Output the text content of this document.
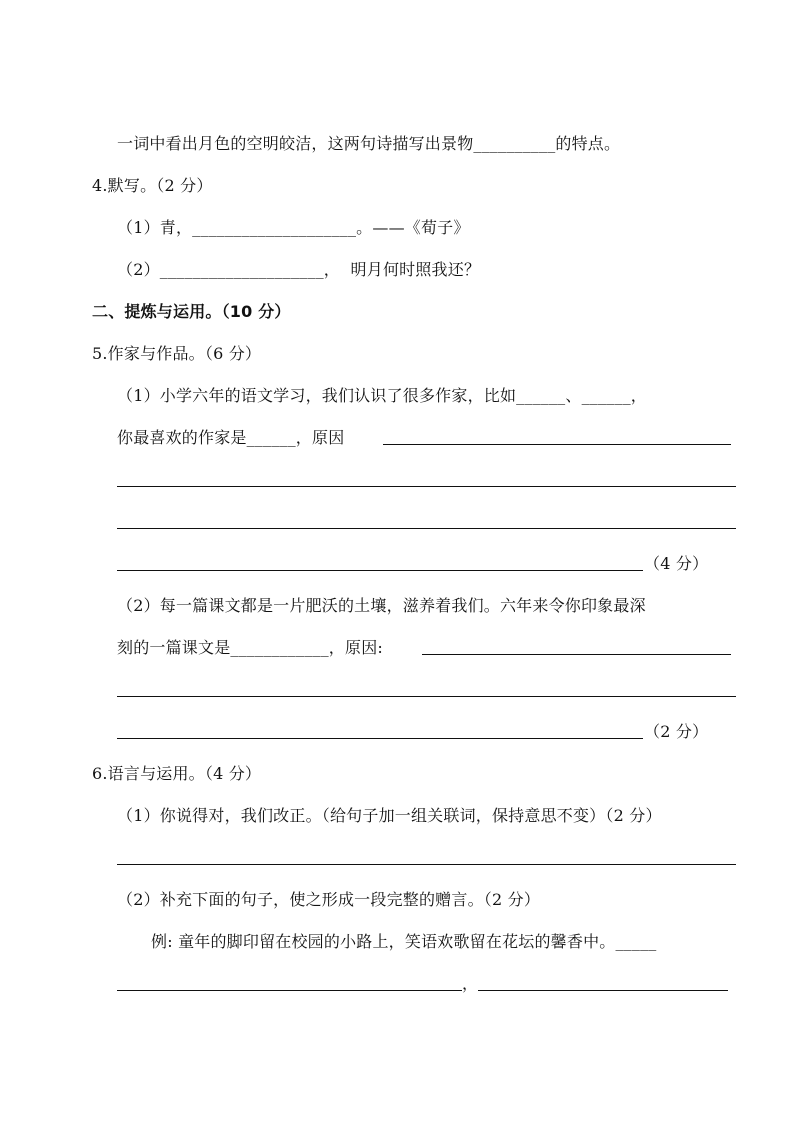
一词中看出月色的空明皎洁，这两句诗描写出景物__________的特点。
4.默写。（2 分）
（1）青，____________________。——《荀子》
（2）____________________，  明月何时照我还？
二、提炼与运用。（10 分）
5.作家与作品。（6 分）
（1）小学六年的语文学习，我们认识了很多作家，比如______、______，
你最喜欢的作家是______，原因
（4 分）
（2）每一篇课文都是一片肥沃的土壤，滋养着我们。六年来令你印象最深
刻的一篇课文是____________，原因:
（2 分）
6.语言与运用。（4 分）
（1）你说得对，我们改正。（给句子加一组关联词，保持意思不变）（2 分）
（2）补充下面的句子，使之形成一段完整的赠言。（2 分）
例: 童年的脚印留在校园的小路上，笑语欢歌留在花坛的馨香中。_____
，
